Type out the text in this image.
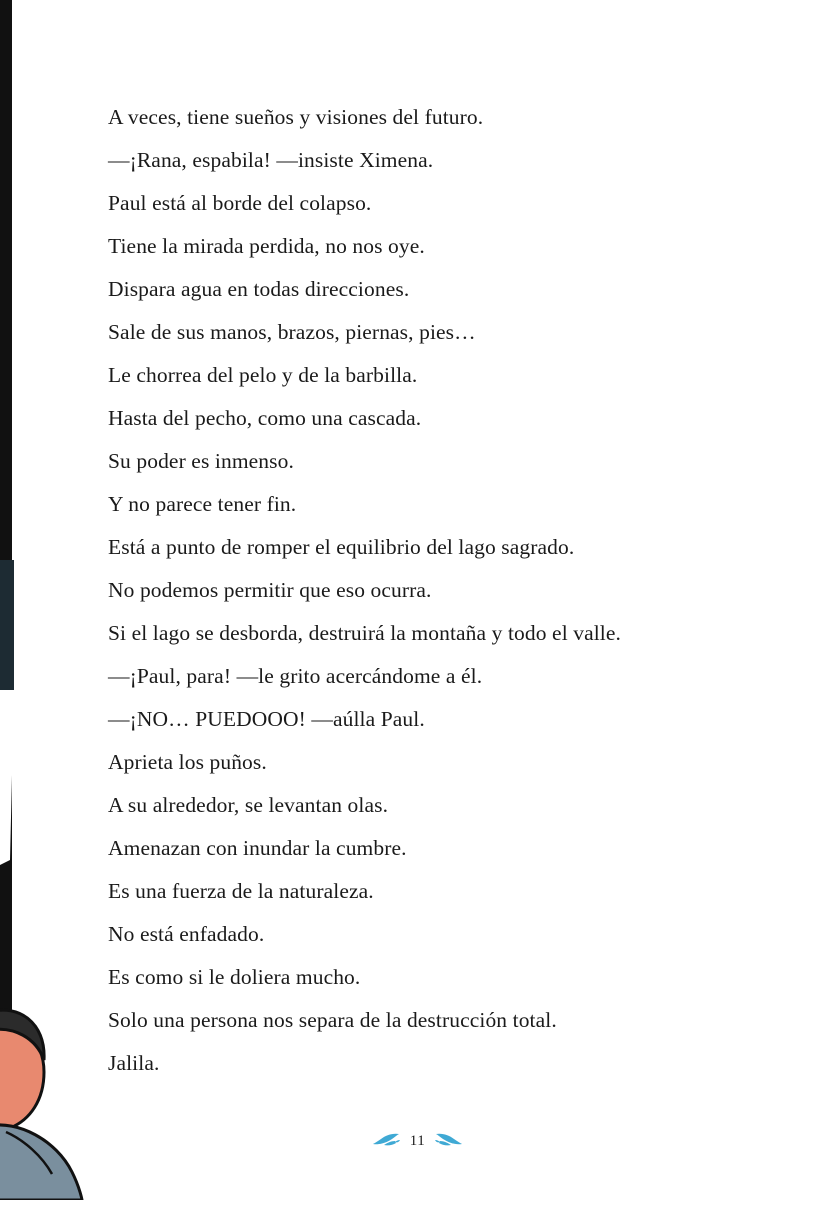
A veces, tiene sueños y visiones del futuro.
—¡Rana, espabila! —insiste Ximena.
Paul está al borde del colapso.
Tiene la mirada perdida, no nos oye.
Dispara agua en todas direcciones.
Sale de sus manos, brazos, piernas, pies…
Le chorrea del pelo y de la barbilla.
Hasta del pecho, como una cascada.
Su poder es inmenso.
Y no parece tener fin.
Está a punto de romper el equilibrio del lago sagrado.
No podemos permitir que eso ocurra.
Si el lago se desborda, destruirá la montaña y todo el valle.
—¡Paul, para! —le grito acercándome a él.
—¡NO… PUEDOOO! —aúlla Paul.
Aprieta los puños.
A su alrededor, se levantan olas.
Amenazan con inundar la cumbre.
Es una fuerza de la naturaleza.
No está enfadado.
Es como si le doliera mucho.
Solo una persona nos separa de la destrucción total.
Jalila.
11
